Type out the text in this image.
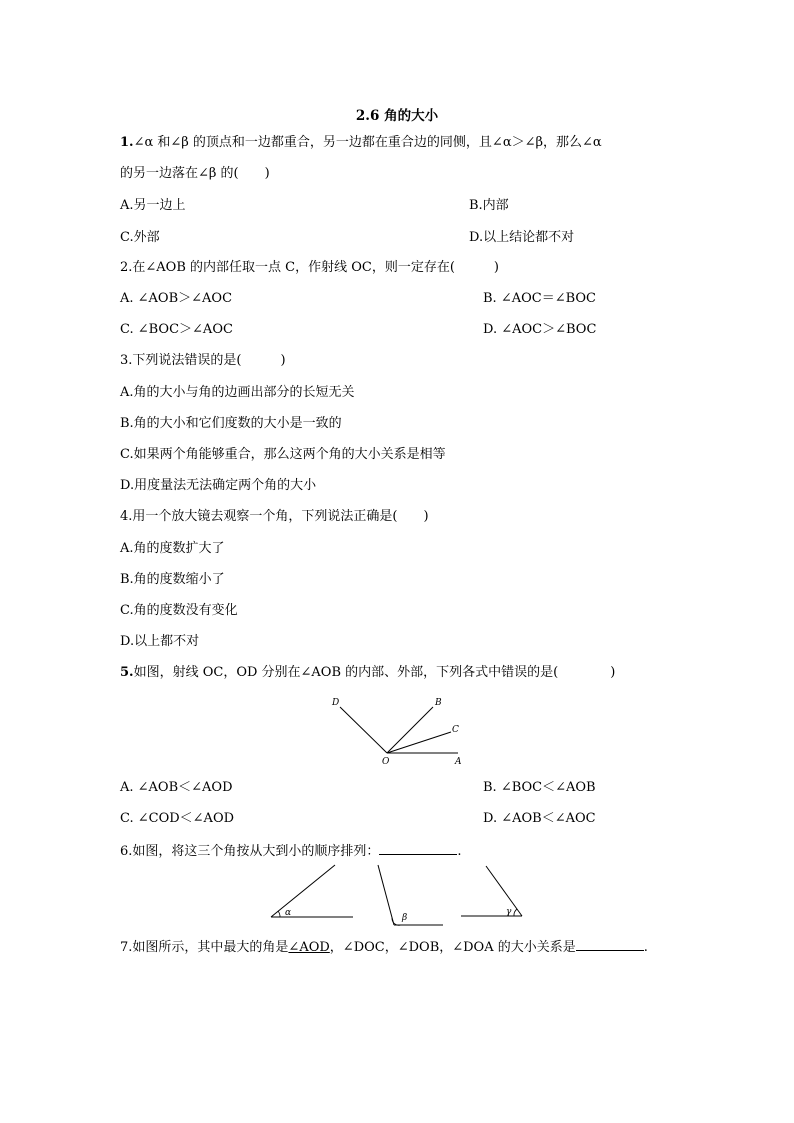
2.6 角的大小
1.∠α 和∠β 的顶点和一边都重合，另一边都在重合边的同侧，且∠α＞∠β，那么∠α
的另一边落在∠β 的(　　)
A.另一边上	B.内部
C.外部	D.以上结论都不对
2.在∠AOB 的内部任取一点 C，作射线 OC，则一定存在(　　　)
A. ∠AOB＞∠AOC	B. ∠AOC＝∠BOC
C. ∠BOC＞∠AOC	D. ∠AOC＞∠BOC
3.下列说法错误的是(　　　)
A.角的大小与角的边画出部分的长短无关
B.角的大小和它们度数的大小是一致的
C.如果两个角能够重合，那么这两个角的大小关系是相等
D.用度量法无法确定两个角的大小
4.用一个放大镜去观察一个角，下列说法正确是(　　)
A.角的度数扩大了
B.角的度数缩小了
C.角的度数没有变化
D.以上都不对
5.如图，射线 OC，OD 分别在∠AOB 的内部、外部，下列各式中错误的是(　　　　)
D	B
C
O	A
A. ∠AOB＜∠AOD	B. ∠BOC＜∠AOB
C. ∠COD＜∠AOD	D. ∠AOB＜∠AOC
6.如图，将这三个角按从大到小的顺序排列：	.
α	β
γ
7.如图所示，其中最大的角是∠AOD，∠DOC，∠DOB，∠DOA 的大小关系是	.
